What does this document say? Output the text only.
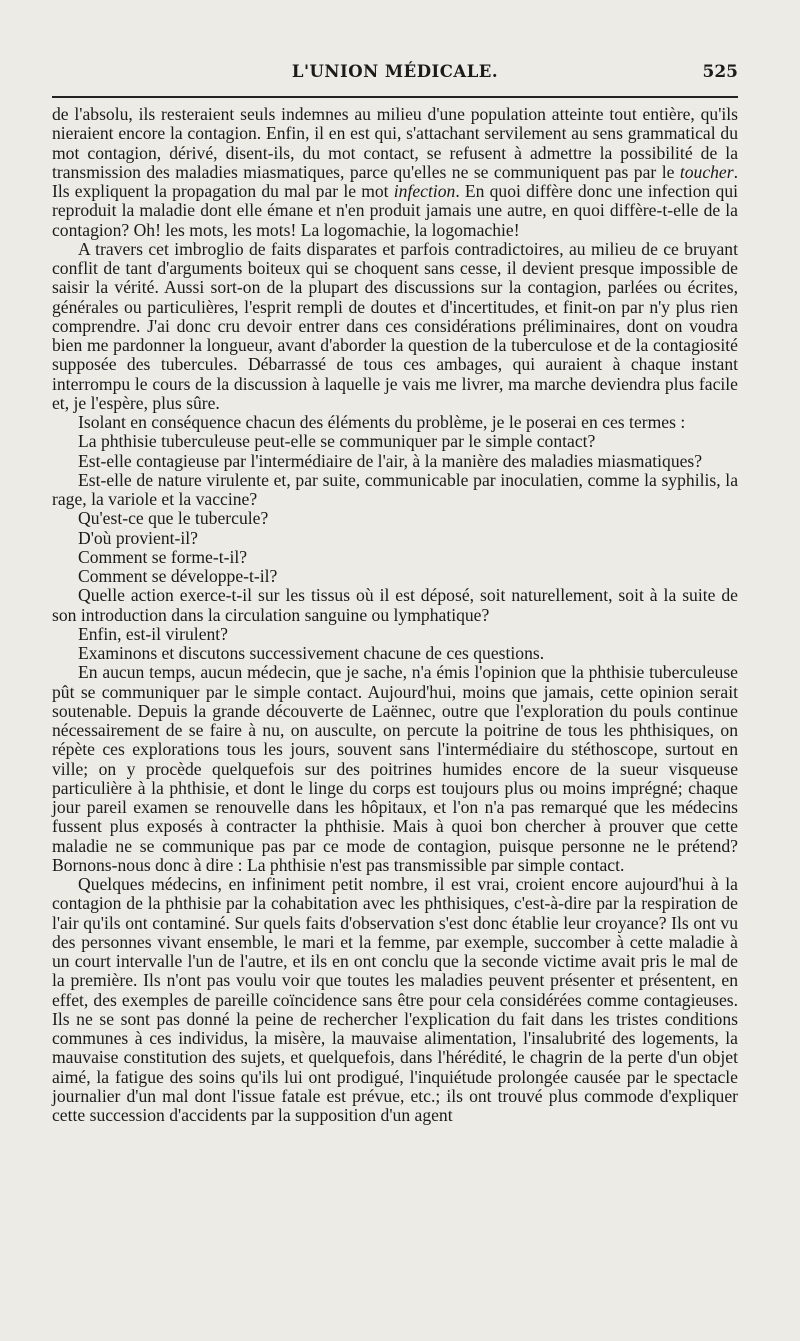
L'UNION MÉDICALE.	525

de l'absolu, ils resteraient seuls indemnes au milieu d'une population atteinte tout entière, qu'ils nieraient encore la contagion. Enfin, il en est qui, s'attachant servilement au sens grammatical du mot contagion, dérivé, disent-ils, du mot contact, se refusent à admettre la possibilité de la transmission des maladies miasmatiques, parce qu'elles ne se communiquent pas par le toucher. Ils expliquent la propagation du mal par le mot infection. En quoi diffère donc une infection qui reproduit la maladie dont elle émane et n'en produit jamais une autre, en quoi diffère-t-elle de la contagion? Oh! les mots, les mots! La logomachie, la logomachie!

A travers cet imbroglio de faits disparates et parfois contradictoires, au milieu de ce bruyant conflit de tant d'arguments boiteux qui se choquent sans cesse, il devient presque impossible de saisir la vérité. Aussi sort-on de la plupart des discussions sur la contagion, parlées ou écrites, générales ou particulières, l'esprit rempli de doutes et d'incertitudes, et finit-on par n'y plus rien comprendre. J'ai donc cru devoir entrer dans ces considérations préliminaires, dont on voudra bien me pardonner la longueur, avant d'aborder la question de la tuberculose et de la contagiosité supposée des tubercules. Débarrassé de tous ces ambages, qui auraient à chaque instant interrompu le cours de la discussion à laquelle je vais me livrer, ma marche deviendra plus facile et, je l'espère, plus sûre.

Isolant en conséquence chacun des éléments du problème, je le poserai en ces termes :

La phthisie tuberculeuse peut-elle se communiquer par le simple contact?

Est-elle contagieuse par l'intermédiaire de l'air, à la manière des maladies miasmatiques?

Est-elle de nature virulente et, par suite, communicable par inoculatien, comme la syphilis, la rage, la variole et la vaccine?

Qu'est-ce que le tubercule?

D'où provient-il?

Comment se forme-t-il?

Comment se développe-t-il?

Quelle action exerce-t-il sur les tissus où il est déposé, soit naturellement, soit à la suite de son introduction dans la circulation sanguine ou lymphatique?

Enfin, est-il virulent?

Examinons et discutons successivement chacune de ces questions.

En aucun temps, aucun médecin, que je sache, n'a émis l'opinion que la phthisie tuberculeuse pût se communiquer par le simple contact. Aujourd'hui, moins que jamais, cette opinion serait soutenable. Depuis la grande découverte de Laënnec, outre que l'exploration du pouls continue nécessairement de se faire à nu, on ausculte, on percute la poitrine de tous les phthisiques, on répète ces explorations tous les jours, souvent sans l'intermédiaire du stéthoscope, surtout en ville; on y procède quelquefois sur des poitrines humides encore de la sueur visqueuse particulière à la phthisie, et dont le linge du corps est toujours plus ou moins imprégné; chaque jour pareil examen se renouvelle dans les hôpitaux, et l'on n'a pas remarqué que les médecins fussent plus exposés à contracter la phthisie. Mais à quoi bon chercher à prouver que cette maladie ne se communique pas par ce mode de contagion, puisque personne ne le prétend? Bornons-nous donc à dire : La phthisie n'est pas transmissible par simple contact.

Quelques médecins, en infiniment petit nombre, il est vrai, croient encore aujourd'hui à la contagion de la phthisie par la cohabitation avec les phthisiques, c'est-à-dire par la respiration de l'air qu'ils ont contaminé. Sur quels faits d'observation s'est donc établie leur croyance? Ils ont vu des personnes vivant ensemble, le mari et la femme, par exemple, succomber à cette maladie à un court intervalle l'un de l'autre, et ils en ont conclu que la seconde victime avait pris le mal de la première. Ils n'ont pas voulu voir que toutes les maladies peuvent présenter et présentent, en effet, des exemples de pareille coïncidence sans être pour cela considérées comme contagieuses. Ils ne se sont pas donné la peine de rechercher l'explication du fait dans les tristes conditions communes à ces individus, la misère, la mauvaise alimentation, l'insalubrité des logements, la mauvaise constitution des sujets, et quelquefois, dans l'hérédité, le chagrin de la perte d'un objet aimé, la fatigue des soins qu'ils lui ont prodigué, l'inquiétude prolongée causée par le spectacle journalier d'un mal dont l'issue fatale est prévue, etc.; ils ont trouvé plus commode d'expliquer cette succession d'accidents par la supposition d'un agent
